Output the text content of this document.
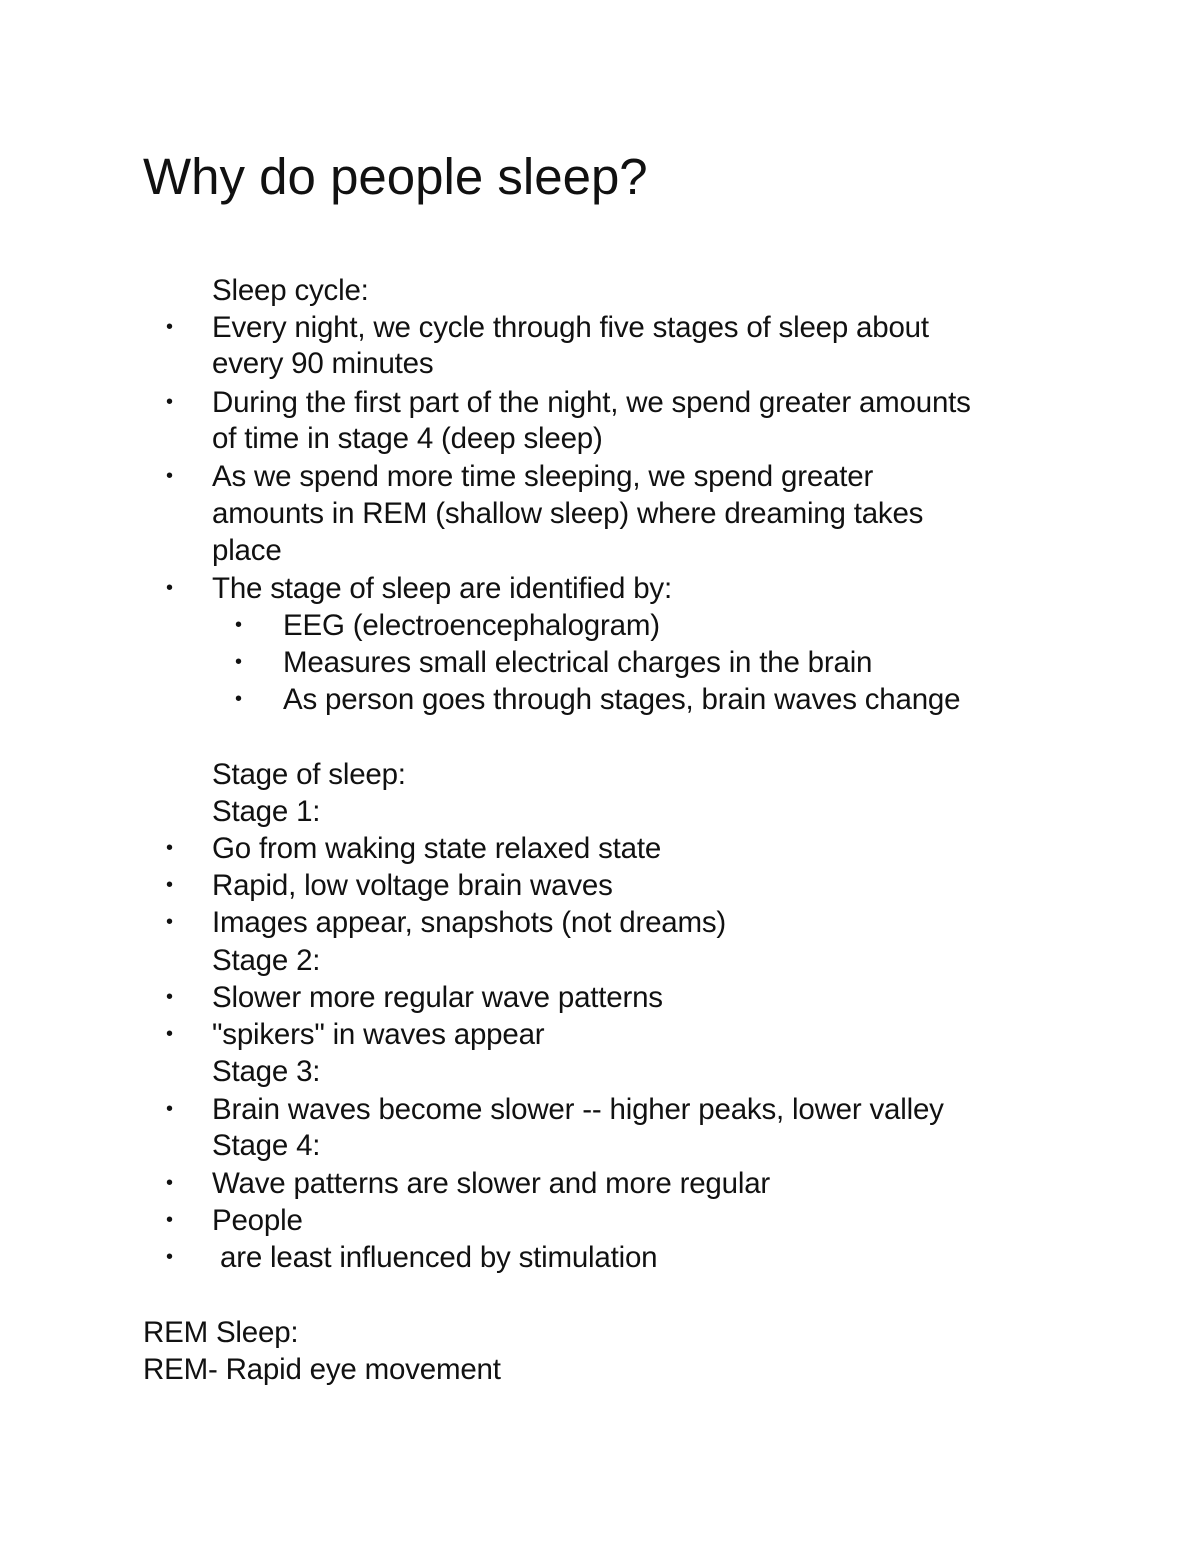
Why do people sleep?
Sleep cycle:
• Every night, we cycle through five stages of sleep about
every 90 minutes
• During the first part of the night, we spend greater amounts
of time in stage 4 (deep sleep)
• As we spend more time sleeping, we spend greater
amounts in REM (shallow sleep) where dreaming takes
place
• The stage of sleep are identified by:
• EEG (electroencephalogram)
• Measures small electrical charges in the brain
• As person goes through stages, brain waves change
Stage of sleep:
Stage 1:
• Go from waking state relaxed state
• Rapid, low voltage brain waves
• Images appear, snapshots (not dreams)
Stage 2:
• Slower more regular wave patterns
• "spikers" in waves appear
Stage 3:
• Brain waves become slower -- higher peaks, lower valley
Stage 4:
• Wave patterns are slower and more regular
• People
• are least influenced by stimulation
REM Sleep:
REM- Rapid eye movement
